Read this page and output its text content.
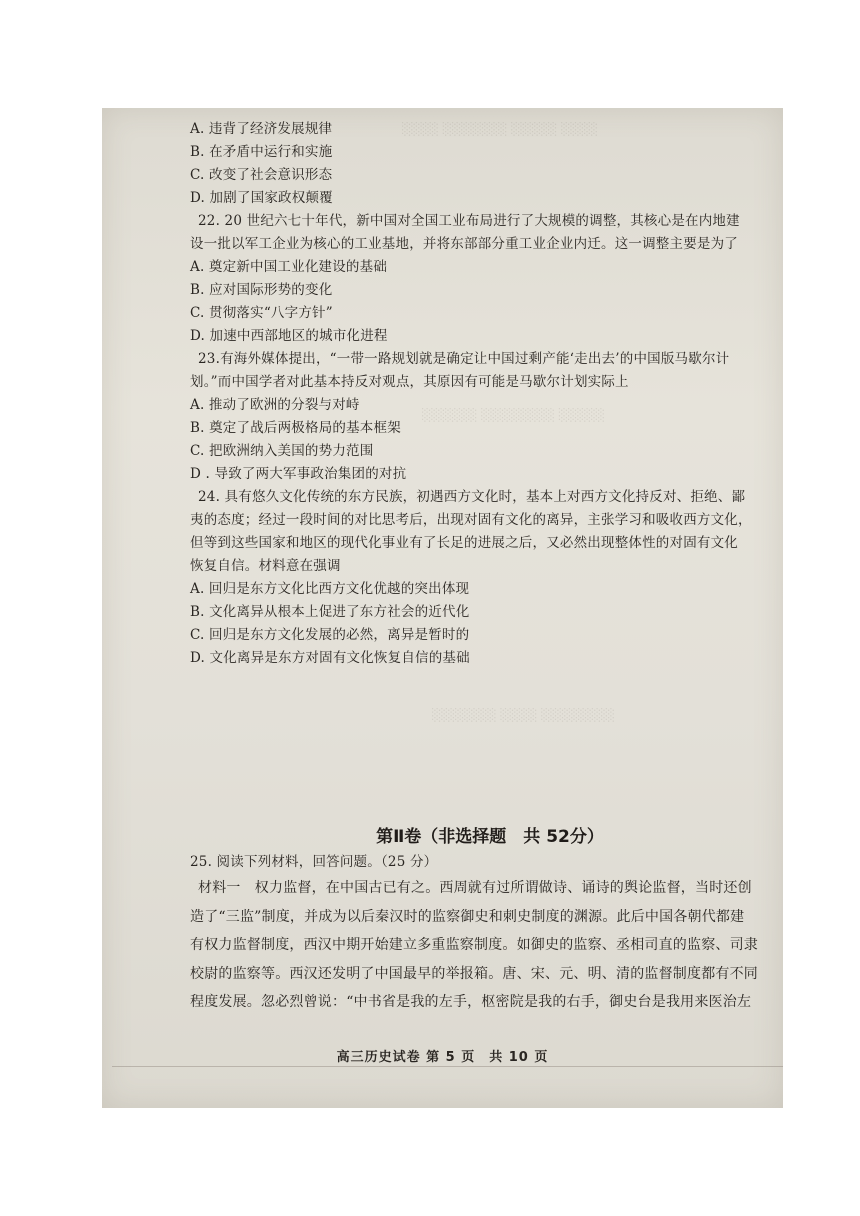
░░░░ ░░░░░░░ ░░░░░ ░░░░
░░░░░░ ░░░░░░░░ ░░░░░
░░░░░░░ ░░░░ ░░░░░░░░
A. 违背了经济发展规律
B. 在矛盾中运行和实施
C. 改变了社会意识形态
D. 加剧了国家政权颠覆
22. 20 世纪六七十年代，新中国对全国工业布局进行了大规模的调整，其核心是在内地建
设一批以军工企业为核心的工业基地，并将东部部分重工业企业内迁。这一调整主要是为了
A. 奠定新中国工业化建设的基础
B. 应对国际形势的变化
C. 贯彻落实“八字方针”
D. 加速中西部地区的城市化进程
23.有海外媒体提出，“一带一路规划就是确定让中国过剩产能‘走出去’的中国版马歇尔计
划。”而中国学者对此基本持反对观点，其原因有可能是马歇尔计划实际上
A. 推动了欧洲的分裂与对峙
B. 奠定了战后两极格局的基本框架
C. 把欧洲纳入美国的势力范围
D . 导致了两大军事政治集团的对抗
24. 具有悠久文化传统的东方民族，初遇西方文化时，基本上对西方文化持反对、拒绝、鄙
夷的态度；经过一段时间的对比思考后，出现对固有文化的离异，主张学习和吸收西方文化，
但等到这些国家和地区的现代化事业有了长足的进展之后，又必然出现整体性的对固有文化
恢复自信。材料意在强调
A. 回归是东方文化比西方文化优越的突出体现
B. 文化离异从根本上促进了东方社会的近代化
C. 回归是东方文化发展的必然，离异是暂时的
D. 文化离异是东方对固有文化恢复自信的基础
第Ⅱ卷（非选择题　共 52分）
25. 阅读下列材料，回答问题。（25 分）
材料一　权力监督，在中国古已有之。西周就有过所谓做诗、诵诗的舆论监督，当时还创
造了“三监”制度，并成为以后秦汉时的监察御史和刺史制度的渊源。此后中国各朝代都建
有权力监督制度，西汉中期开始建立多重监察制度。如御史的监察、丞相司直的监察、司隶
校尉的监察等。西汉还发明了中国最早的举报箱。唐、宋、元、明、清的监督制度都有不同
程度发展。忽必烈曾说：“中书省是我的左手，枢密院是我的右手，御史台是我用来医治左
高三历史试卷 第 5 页　共 10 页
